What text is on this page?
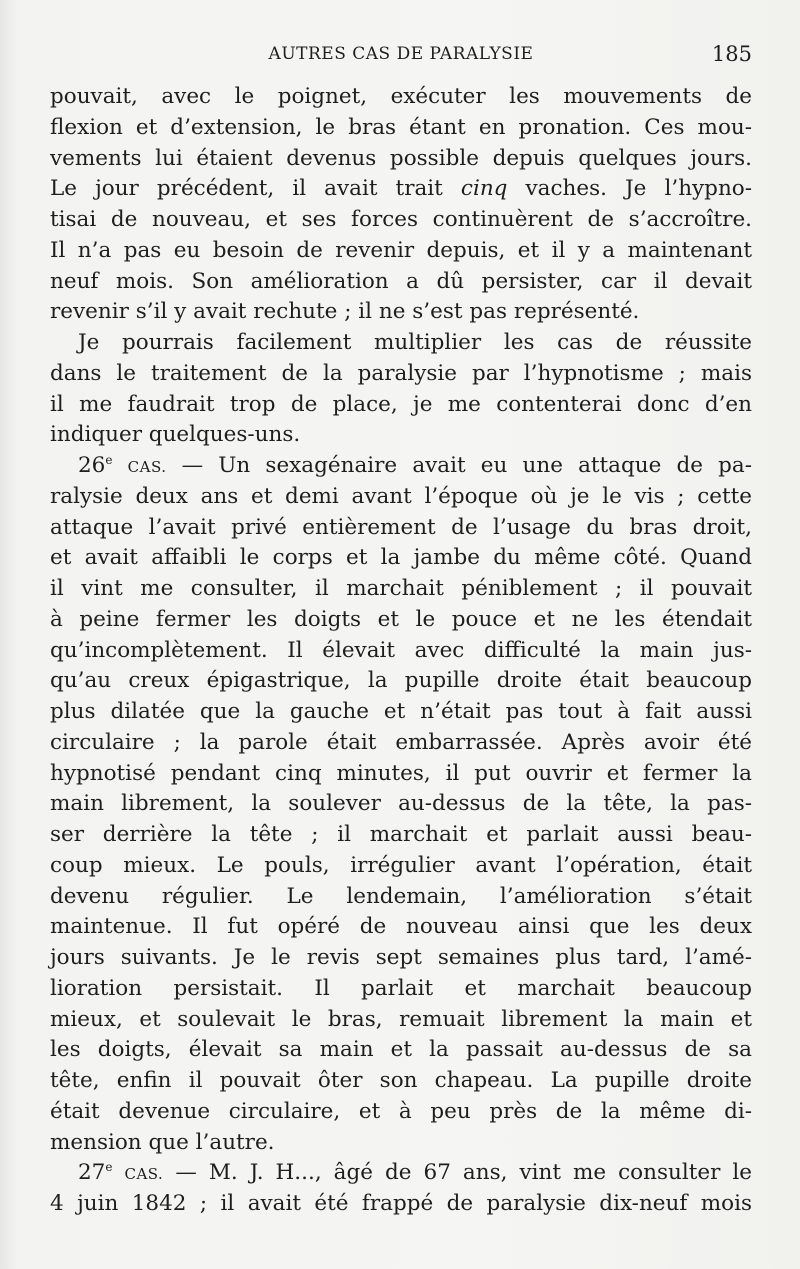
AUTRES CAS DE PARALYSIE	185
pouvait, avec le poignet, exécuter les mouvements de
flexion et d’extension, le bras étant en pronation. Ces mou-
vements lui étaient devenus possible depuis quelques jours.
Le jour précédent, il avait trait cinq vaches. Je l’hypno-
tisai de nouveau, et ses forces continuèrent de s’accroître.
Il n’a pas eu besoin de revenir depuis, et il y a maintenant
neuf mois. Son amélioration a dû persister, car il devait
revenir s’il y avait rechute ; il ne s’est pas représenté.
Je pourrais facilement multiplier les cas de réussite
dans le traitement de la paralysie par l’hypnotisme ; mais
il me faudrait trop de place, je me contenterai donc d’en
indiquer quelques-uns.
26e CAS. — Un sexagénaire avait eu une attaque de pa-
ralysie deux ans et demi avant l’époque où je le vis ; cette
attaque l’avait privé entièrement de l’usage du bras droit,
et avait affaibli le corps et la jambe du même côté. Quand
il vint me consulter, il marchait péniblement ; il pouvait
à peine fermer les doigts et le pouce et ne les étendait
qu’incomplètement. Il élevait avec difficulté la main jus-
qu’au creux épigastrique, la pupille droite était beaucoup
plus dilatée que la gauche et n’était pas tout à fait aussi
circulaire ; la parole était embarrassée. Après avoir été
hypnotisé pendant cinq minutes, il put ouvrir et fermer la
main librement, la soulever au-dessus de la tête, la pas-
ser derrière la tête ; il marchait et parlait aussi beau-
coup mieux. Le pouls, irrégulier avant l’opération, était
devenu régulier. Le lendemain, l’amélioration s’était
maintenue. Il fut opéré de nouveau ainsi que les deux
jours suivants. Je le revis sept semaines plus tard, l’amé-
lioration persistait. Il parlait et marchait beaucoup
mieux, et soulevait le bras, remuait librement la main et
les doigts, élevait sa main et la passait au-dessus de sa
tête, enfin il pouvait ôter son chapeau. La pupille droite
était devenue circulaire, et à peu près de la même di-
mension que l’autre.
27e CAS. — M. J. H..., âgé de 67 ans, vint me consulter le
4 juin 1842 ; il avait été frappé de paralysie dix-neuf mois
